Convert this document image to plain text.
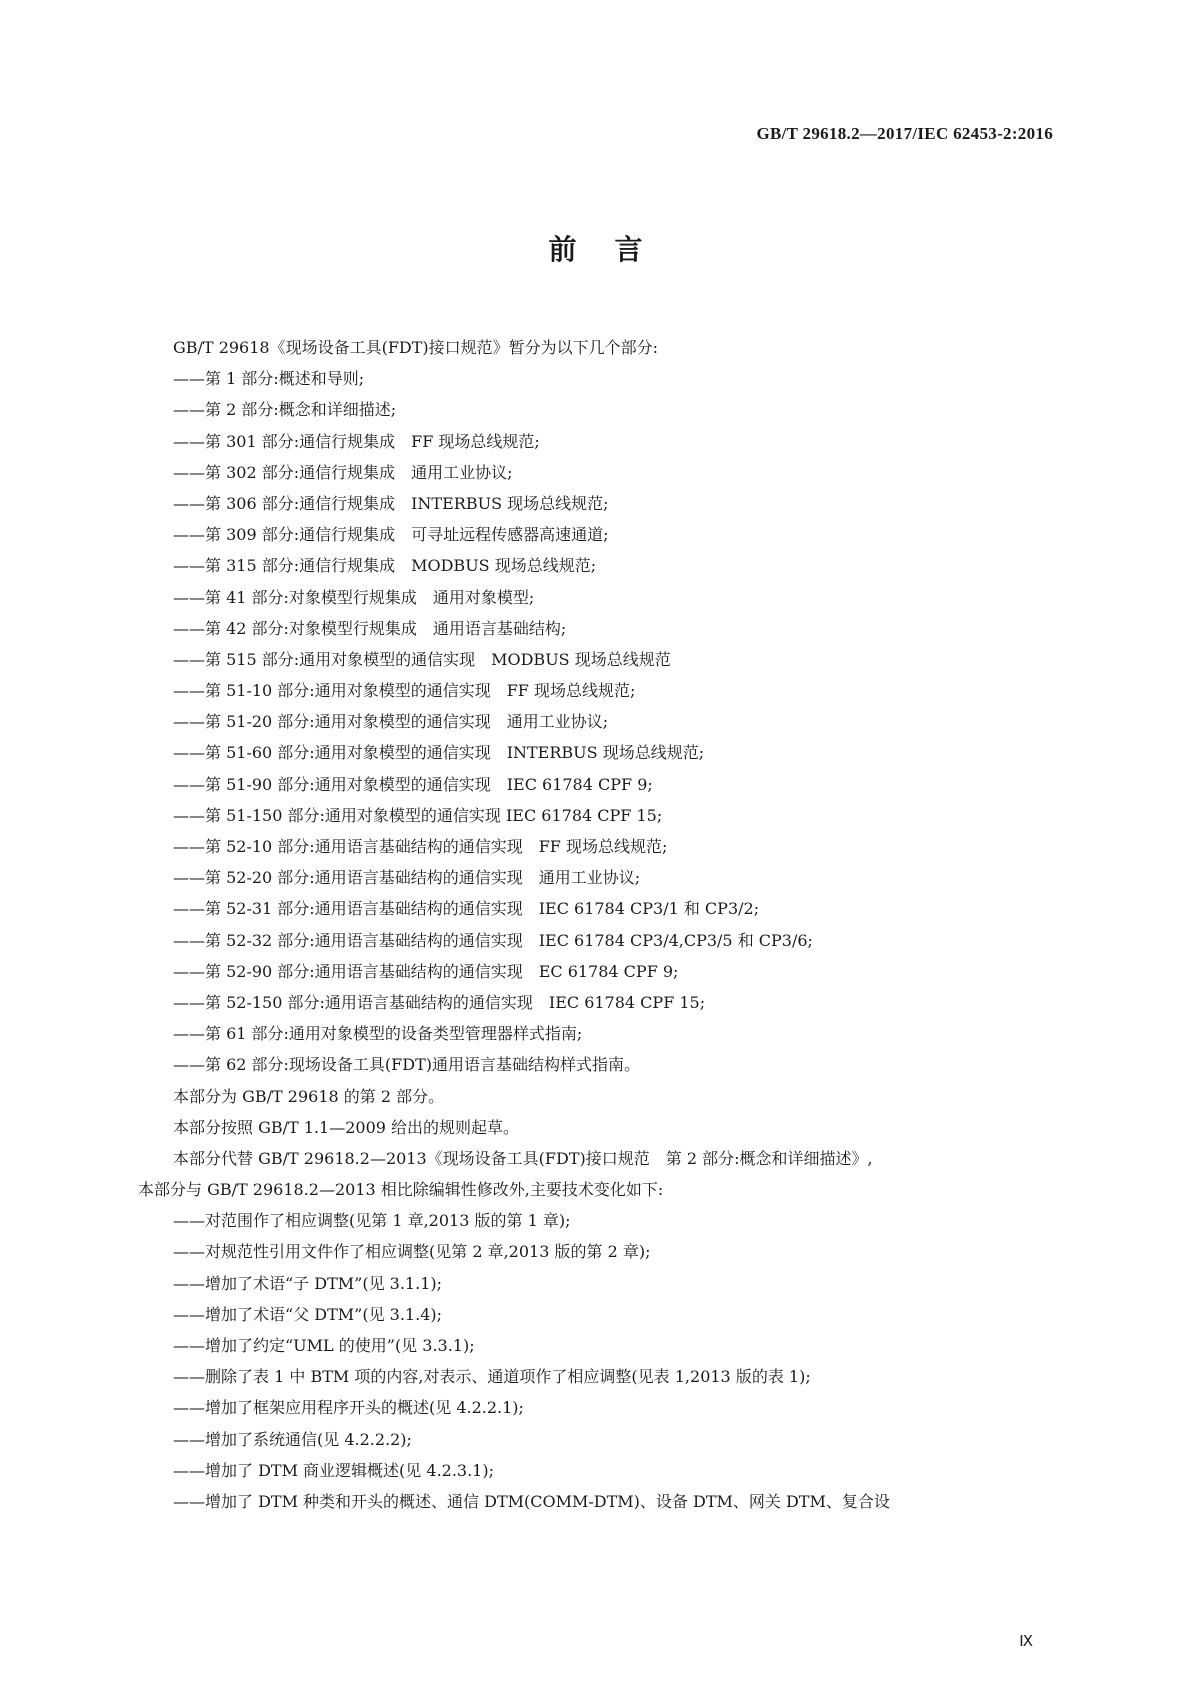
GB/T 29618.2—2017/IEC 62453-2:2016
前言
GB/T 29618《现场设备工具(FDT)接口规范》暂分为以下几个部分:
——第 1 部分:概述和导则;
——第 2 部分:概念和详细描述;
——第 301 部分:通信行规集成　FF 现场总线规范;
——第 302 部分:通信行规集成　通用工业协议;
——第 306 部分:通信行规集成　INTERBUS 现场总线规范;
——第 309 部分:通信行规集成　可寻址远程传感器高速通道;
——第 315 部分:通信行规集成　MODBUS 现场总线规范;
——第 41 部分:对象模型行规集成　通用对象模型;
——第 42 部分:对象模型行规集成　通用语言基础结构;
——第 515 部分:通用对象模型的通信实现　MODBUS 现场总线规范
——第 51-10 部分:通用对象模型的通信实现　FF 现场总线规范;
——第 51-20 部分:通用对象模型的通信实现　通用工业协议;
——第 51-60 部分:通用对象模型的通信实现　INTERBUS 现场总线规范;
——第 51-90 部分:通用对象模型的通信实现　IEC 61784 CPF 9;
——第 51-150 部分:通用对象模型的通信实现 IEC 61784 CPF 15;
——第 52-10 部分:通用语言基础结构的通信实现　FF 现场总线规范;
——第 52-20 部分:通用语言基础结构的通信实现　通用工业协议;
——第 52-31 部分:通用语言基础结构的通信实现　IEC 61784 CP3/1 和 CP3/2;
——第 52-32 部分:通用语言基础结构的通信实现　IEC 61784 CP3/4,CP3/5 和 CP3/6;
——第 52-90 部分:通用语言基础结构的通信实现　EC 61784 CPF 9;
——第 52-150 部分:通用语言基础结构的通信实现　IEC 61784 CPF 15;
——第 61 部分:通用对象模型的设备类型管理器样式指南;
——第 62 部分:现场设备工具(FDT)通用语言基础结构样式指南。
本部分为 GB/T 29618 的第 2 部分。
本部分按照 GB/T 1.1—2009 给出的规则起草。
本部分代替 GB/T 29618.2—2013《现场设备工具(FDT)接口规范　第 2 部分:概念和详细描述》,
本部分与 GB/T 29618.2—2013 相比除编辑性修改外,主要技术变化如下:
——对范围作了相应调整(见第 1 章,2013 版的第 1 章);
——对规范性引用文件作了相应调整(见第 2 章,2013 版的第 2 章);
——增加了术语“子 DTM”(见 3.1.1);
——增加了术语“父 DTM”(见 3.1.4);
——增加了约定“UML 的使用”(见 3.3.1);
——删除了表 1 中 BTM 项的内容,对表示、通道项作了相应调整(见表 1,2013 版的表 1);
——增加了框架应用程序开头的概述(见 4.2.2.1);
——增加了系统通信(见 4.2.2.2);
——增加了 DTM 商业逻辑概述(见 4.2.3.1);
——增加了 DTM 种类和开头的概述、通信 DTM(COMM-DTM)、设备 DTM、网关 DTM、复合设
Ⅸ
